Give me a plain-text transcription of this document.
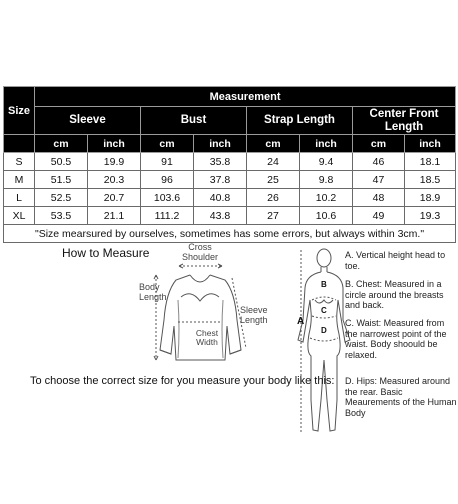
Size	Measurement							
	Sleeve		Bust		Strap Length		Center Front Length	
	cm	inch	cm	inch	cm	inch	cm	inch
S	50.5	19.9	91	35.8	24	9.4	46	18.1
M	51.5	20.3	96	37.8	25	9.8	47	18.5
L	52.5	20.7	103.6	40.8	26	10.2	48	18.9
XL	53.5	21.1	111.2	43.8	27	10.6	49	19.3
"Size mearsured by ourselves, sometimes has some errors, but always within 3cm."								
B
C
D
How to Measure	Cross Shoulder
Body Length
Sleeve Length
Chest Width
To choose the correct size for you measure your body like this:
A
A. Vertical height head to toe.
B. Chest: Measured in a circle around the breasts and back.
C. Waist: Measured from the narrowest point of the waist. Body shoould be relaxed.
D. Hips: Measured around the rear. Basic Meaurements of the Human Body
